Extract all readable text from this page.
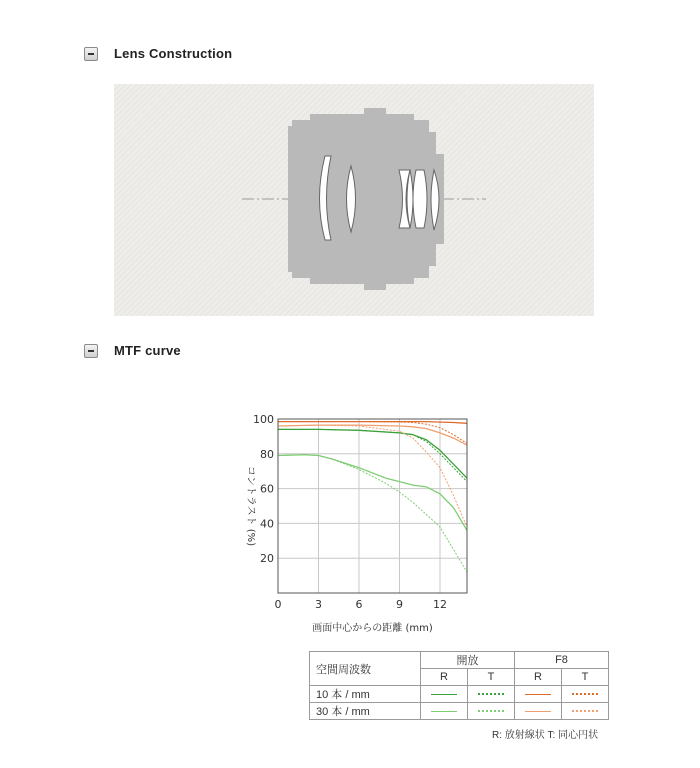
Lens Construction
MTF curve
0	3	6	9	12
100
80
60
40
20
画面中心からの距離 (mm)
コントラスト (%)
空間周波数	開放		F8	
	R	T	R	T
10 本 / mm				
30 本 / mm				
R: 放射線状 T: 同心円状
